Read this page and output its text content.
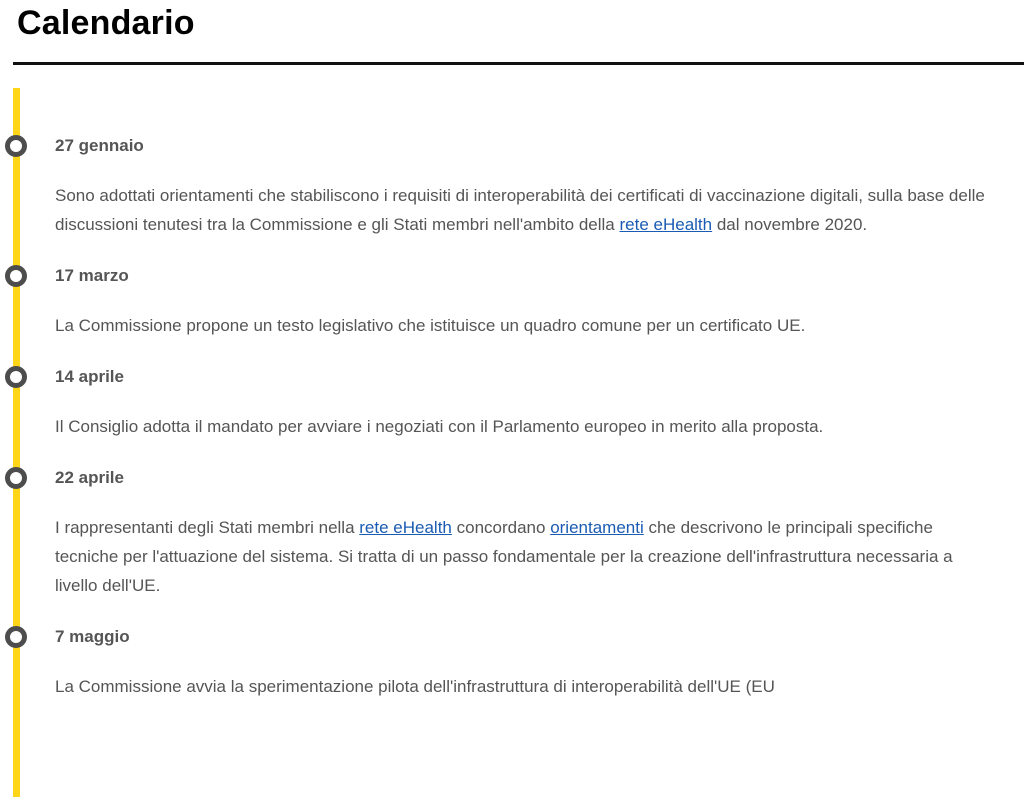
Calendario
27 gennaio

Sono adottati orientamenti che stabiliscono i requisiti di interoperabilità dei certificati di vaccinazione digitali, sulla base delle discussioni tenutesi tra la Commissione e gli Stati membri nell'ambito della rete eHealth dal novembre 2020.

17 marzo

La Commissione propone un testo legislativo che istituisce un quadro comune per un certificato UE.

14 aprile

Il Consiglio adotta il mandato per avviare i negoziati con il Parlamento europeo in merito alla proposta.

22 aprile

I rappresentanti degli Stati membri nella rete eHealth concordano orientamenti che descrivono le principali specifiche tecniche per l'attuazione del sistema. Si tratta di un passo fondamentale per la creazione dell'infrastruttura necessaria a livello dell'UE.

7 maggio

La Commissione avvia la sperimentazione pilota dell'infrastruttura di interoperabilità dell'UE (EU
